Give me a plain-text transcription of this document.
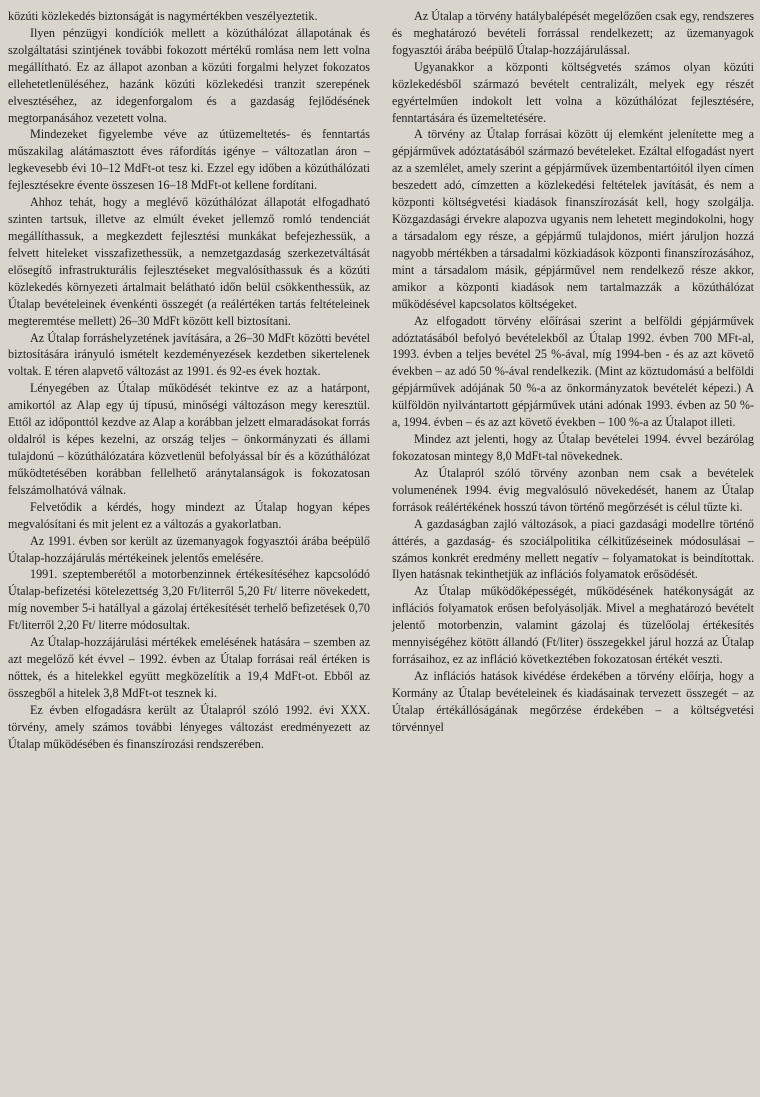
közúti közlekedés biztonságát is nagymértékben veszélyeztetik.

Ilyen pénzügyi kondíciók mellett a közúthálózat állapotának és szolgáltatási szintjének további fokozott mértékű romlása nem lett volna megállítható. Ez az állapot azonban a közúti forgalmi helyzet fokozatos ellehetetlenüléséhez, hazánk közúti közlekedési tranzit szerepének elvesztéséhez, az idegenforgalom és a gazdaság fejlődésének megtorpanásához vezetett volna.

Mindezeket figyelembe véve az útüzemeltetés- és fenntartás műszakilag alátámasztott éves ráfordítás igénye – változatlan áron – legkevesebb évi 10–12 MdFt-ot tesz ki. Ezzel egy időben a közúthálózati fejlesztésekre évente összesen 16–18 MdFt-ot kellene fordítani.

Ahhoz tehát, hogy a meglévő közúthálózat állapotát elfogadható szinten tartsuk, illetve az elmúlt éveket jellemző romló tendenciát megállíthassuk, a megkezdett fejlesztési munkákat befejezhessük, a felvett hiteleket visszafizethessük, a nemzetgazdaság szerkezetváltását elősegítő infrastrukturális fejlesztéseket megvalósíthassuk és a közúti közlekedés környezeti ártalmait belátható időn belül csökkenthessük, az Útalap bevételeinek évenkénti összegét (a reálértéken tartás feltételeinek megteremtése mellett) 26–30 MdFt között kell biztosítani.

Az Útalap forráshelyzetének javítására, a 26–30 MdFt közötti bevétel biztosítására irányuló ismételt kezdeményezések kezdetben sikertelenek voltak. E téren alapvető változást az 1991. és 92-es évek hoztak.

Lényegében az Útalap működését tekintve ez az a határpont, amikortól az Alap egy új típusú, minőségi változáson megy keresztül. Ettől az időponttól kezdve az Alap a korábban jelzett elmaradásokat forrás oldalról is képes kezelni, az ország teljes – önkormányzati és állami tulajdonú – közúthálózatára közvetlenül befolyással bír és a közúthálózat működtetésében korábban fellelhető aránytalanságok is fokozatosan felszámolhatóvá válnak.

Felvetődik a kérdés, hogy mindezt az Útalap hogyan képes megvalósítani és mit jelent ez a változás a gyakorlatban.

Az 1991. évben sor került az üzemanyagok fogyasztói árába beépülő Útalap-hozzájárulás mértékeinek jelentős emelésére.

1991. szeptemberétől a motorbenzinnek értékesítéséhez kapcsolódó Útalap-befizetési kötelezettség 3,20 Ft/literről 5,20 Ft/ literre növekedett, míg november 5-i hatállyal a gázolaj értékesítését terhelő befizetések 0,70 Ft/literről 2,20 Ft/ literre módosultak.

Az Útalap-hozzájárulási mértékek emelésének hatására – szemben az azt megelőző két évvel – 1992. évben az Útalap forrásai reál értéken is nőttek, és a hitelekkel együtt megközelítik a 19,4 MdFt-ot. Ebből az összegből a hitelek 3,8 MdFt-ot tesznek ki.

Ez évben elfogadásra került az Útalapról szóló 1992. évi XXX. törvény, amely számos további lényeges változást eredményezett az Útalap működésében és finanszírozási rendszerében.

Az Útalap a törvény hatálybalépését megelőzően csak egy, rendszeres és meghatározó bevételi forrással rendelkezett; az üzemanyagok fogyasztói árába beépülő Útalap-hozzájárulással.

Ugyanakkor a központi költségvetés számos olyan közúti közlekedésből származó bevételt centralizált, melyek egy részét egyértelműen indokolt lett volna a közúthálózat fejlesztésére, fenntartására és üzemeltetésére.

A törvény az Útalap forrásai között új elemként jelenítette meg a gépjárművek adóztatásából származó bevételeket. Ezáltal elfogadást nyert az a szemlélet, amely szerint a gépjárművek üzembentartóitól ilyen címen beszedett adó, címzetten a közlekedési feltételek javítását, és nem a központi költségvetési kiadások finanszírozását kell, hogy szolgálja. Közgazdasági érvekre alapozva ugyanis nem lehetett megindokolni, hogy a társadalom egy része, a gépjármű tulajdonos, miért járuljon hozzá nagyobb mértékben a társadalmi közkiadások központi finanszírozásához, mint a társadalom másik, gépjárművel nem rendelkező része akkor, amikor a központi kiadások nem tartalmazzák a közúthálózat működésével kapcsolatos költségeket.

Az elfogadott törvény előírásai szerint a belföldi gépjárművek adóztatásából befolyó bevételekből az Útalap 1992. évben 700 MFt-al, 1993. évben a teljes bevétel 25 %-ával, míg 1994-ben - és az azt követő években – az adó 50 %-ával rendelkezik. (Mint az köztudomású a belföldi gépjárművek adójának 50 %-a az önkormányzatok bevételét képezi.) A külföldön nyilvántartott gépjárművek utáni adónak 1993. évben az 50 %-a, 1994. évben – és az azt követő években – 100 %-a az Útalapot illeti.

Mindez azt jelenti, hogy az Útalap bevételei 1994. évvel bezárólag fokozatosan mintegy 8,0 MdFt-tal növekednek.

Az Útalapról szóló törvény azonban nem csak a bevételek volumenének 1994. évig megvalósuló növekedését, hanem az Útalap források reálértékének hosszú távon történő megőrzését is célul tűzte ki.

A gazdaságban zajló változások, a piaci gazdasági modellre történő áttérés, a gazdaság- és szociálpolitika célkitűzéseinek módosulásai – számos konkrét eredmény mellett negatív – folyamatokat is beindítottak. Ilyen hatásnak tekinthetjük az inflációs folyamatok erősödését.

Az Útalap működőképességét, működésének hatékonyságát az inflációs folyamatok erősen befolyásolják. Mivel a meghatározó bevételt jelentő motorbenzin, valamint gázolaj és tüzelőolaj értékesítés mennyiségéhez kötött állandó (Ft/liter) összegekkel járul hozzá az Útalap forrásaihoz, ez az infláció következtében fokozatosan értékét veszti.

Az inflációs hatások kivédése érdekében a törvény előírja, hogy a Kormány az Útalap bevételeinek és kiadásainak tervezett összegét – az Útalap értékállóságának megőrzése érdekében – a költségvetési törvénnyel
